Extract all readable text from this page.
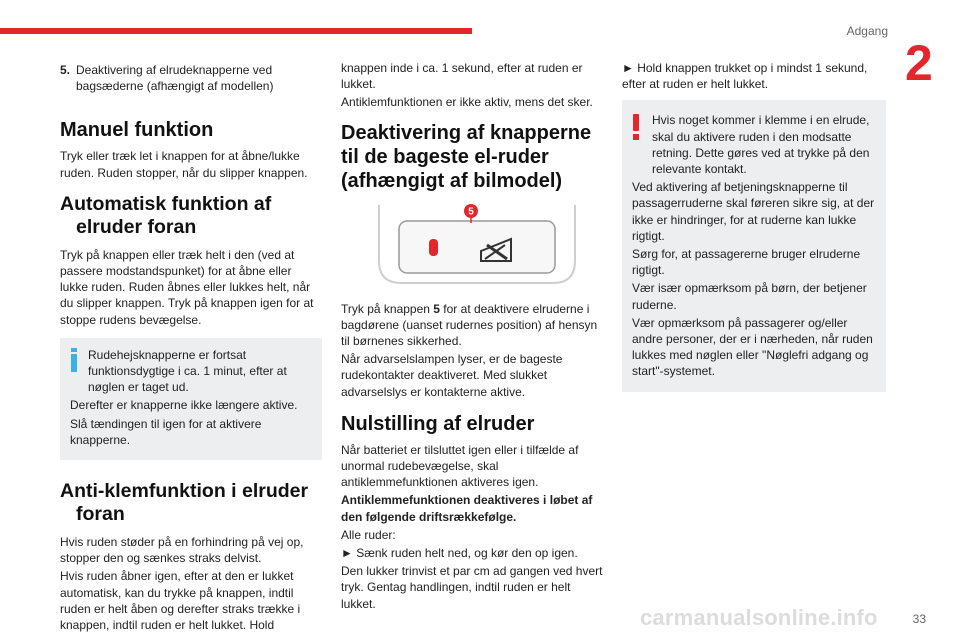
Adgang
2
5. Deaktivering af elrudeknapperne ved bagsæderne (afhængigt af modellen)
Manuel funktion

Tryk eller træk let i knappen for at åbne/lukke ruden. Ruden stopper, når du slipper knappen.

Automatisk funktion af elruder foran

Tryk på knappen eller træk helt i den (ved at passere modstandspunket) for at åbne eller lukke ruden. Ruden åbnes eller lukkes helt, når du slipper knappen. Tryk på knappen igen for at stoppe rudens bevægelse.

Rudehejsknapperne er fortsat funktionsdygtige i ca. 1 minut, efter at nøglen er taget ud.

Derefter er knapperne ikke længere aktive.

Slå tændingen til igen for at aktivere knapperne.

Anti-klemfunktion i elruder foran

Hvis ruden støder på en forhindring på vej op, stopper den og sænkes straks delvist.

Hvis ruden åbner igen, efter at den er lukket automatisk, kan du trykke på knappen, indtil ruden er helt åben og derefter straks trække i knappen, indtil ruden er helt lukket. Hold

knappen inde i ca. 1 sekund, efter at ruden er lukket.

Antiklemfunktionen er ikke aktiv, mens det sker.

Deaktivering af knapperne til de bageste el-ruder (afhængigt af bilmodel)
5

Tryk på knappen 5 for at deaktivere elruderne i bagdørene (uanset rudernes position) af hensyn til børnenes sikkerhed.

Når advarselslampen lyser, er de bageste rudekontakter deaktiveret. Med slukket advarselslys er kontakterne aktive.

Nulstilling af elruder

Når batteriet er tilsluttet igen eller i tilfælde af unormal rudebevægelse, skal antiklemmefunktionen aktiveres igen.

Antiklemmefunktionen deaktiveres i løbet af den følgende driftsrækkefølge.

Alle ruder:

► Sænk ruden helt ned, og kør den op igen.

Den lukker trinvist et par cm ad gangen ved hvert tryk. Gentag handlingen, indtil ruden er helt lukket.

► Hold knappen trukket op i mindst 1 sekund, efter at ruden er helt lukket.

Hvis noget kommer i klemme i en elrude, skal du aktivere ruden i den modsatte retning. Dette gøres ved at trykke på den relevante kontakt.

Ved aktivering af betjeningsknapperne til passagerruderne skal føreren sikre sig, at der ikke er hindringer, for at ruderne kan lukke rigtigt.

Sørg for, at passagererne bruger elruderne rigtigt.

Vær især opmærksom på børn, der betjener ruderne.

Vær opmærksom på passagerer og/eller andre personer, der er i nærheden, når ruden lukkes med nøglen eller "Nøglefri adgang og start"-systemet.

carmanualsonline.info	33
